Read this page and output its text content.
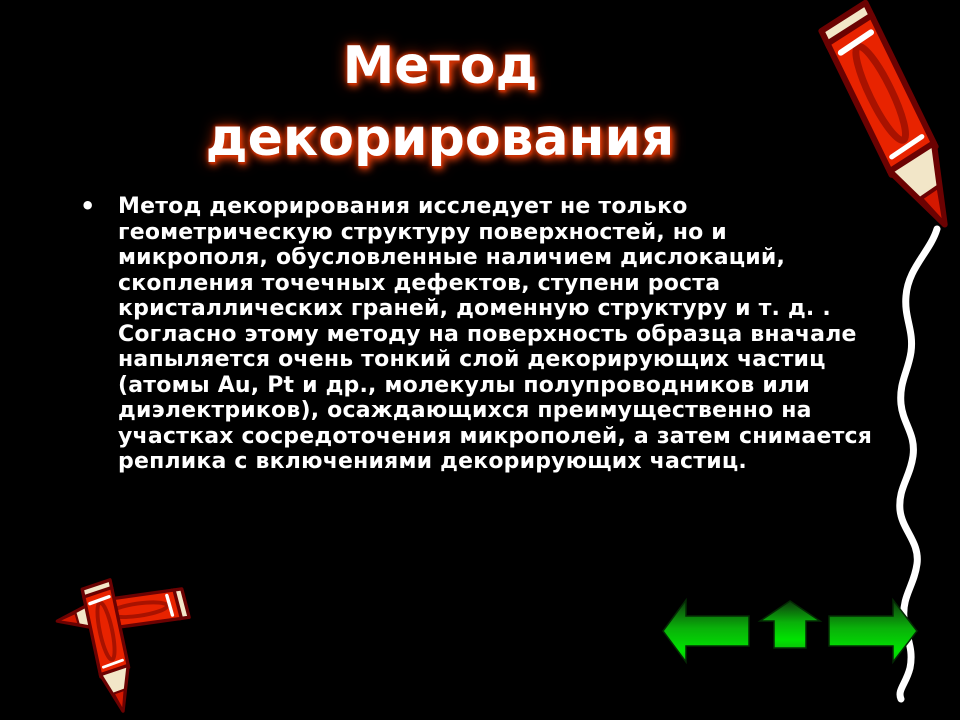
Метод
декорирования
• Метод декорирования исследует не только
геометрическую структуру поверхностей, но и
микрополя, обусловленные наличием дислокаций,
скопления точечных дефектов, ступени роста
кристаллических граней, доменную структуру и т. д. .
Согласно этому методу на поверхность образца вначале
напыляется очень тонкий слой декорирующих частиц
(атомы Au, Pt и др., молекулы полупроводников или
диэлектриков), осаждающихся преимущественно на
участках сосредоточения микрополей, а затем снимается
реплика с включениями декорирующих частиц.
